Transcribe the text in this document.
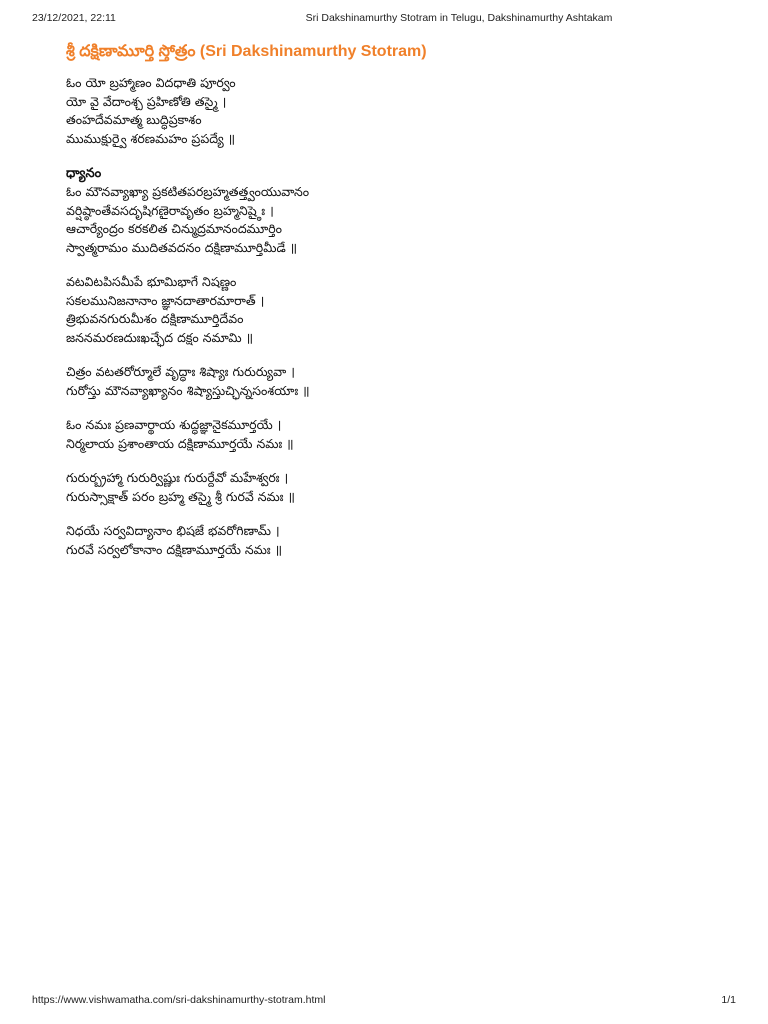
23/12/2021, 22:11	Sri Dakshinamurthy Stotram in Telugu, Dakshinamurthy Ashtakam
శ్రీ దక్షిణామూర్తి స్తోత్రం (Sri Dakshinamurthy Stotram)
ఓం యో బ్రహ్మాణం విదధాతి పూర్వం
యో వై వేదాంశ్చ ప్రహిణోతి తస్మై ।
తంహదేవమాత్మ బుద్ధిప్రకాశం
ముముక్షుర్వై శరణమహం ప్రపద్యే ॥
ధ్యానం
ఓం మౌనవ్యాఖ్యా ప్రకటితపరబ్రహ్మతత్త్వంయువానం
వర్షిష్ఠాంతేవసదృషిగణైరావృతం బ్రహ్మనిష్ఠైః ।
ఆచార్యేంద్రం కరకలిత చిన్ముద్రమానందమూర్తిం
స్వాత్మరామం ముదితవదనం దక్షిణామూర్తిమీడే ॥
వటవిటపిసమీపే భూమిభాగే నిషణ్ణం
సకలమునిజనానాం జ్ఞానదాతారమారాత్ ।
త్రిభువనగురుమీశం దక్షిణామూర్తిదేవం
జననమరణదుఃఖచ్ఛేద దక్షం నమామి ॥
చిత్రం వటతరోర్మూలే వృద్ధాః శిష్యాః గురుర్యువా ।
గురోస్తు మౌనవ్యాఖ్యానం శిష్యాస్తుచ్ఛిన్నసంశయాః ॥
ఓం నమః ప్రణవార్థాయ శుద్ధజ్ఞానైకమూర్తయే ।
నిర్మలాయ ప్రశాంతాయ దక్షిణామూర్తయే నమః ॥
గురుర్బ్రహ్మా గురుర్విష్ణుః గురుర్దేవో మహేశ్వరః ।
గురుస్సాక్షాత్ పరం బ్రహ్మ తస్మై శ్రీ గురవే నమః ॥
నిధయే సర్వవిద్యానాం భిషజే భవరోగిణామ్ ।
గురవే సర్వలోకానాం దక్షిణామూర్తయే నమః ॥
https://www.vishwamatha.com/sri-dakshinamurthy-stotram.html	1/1
